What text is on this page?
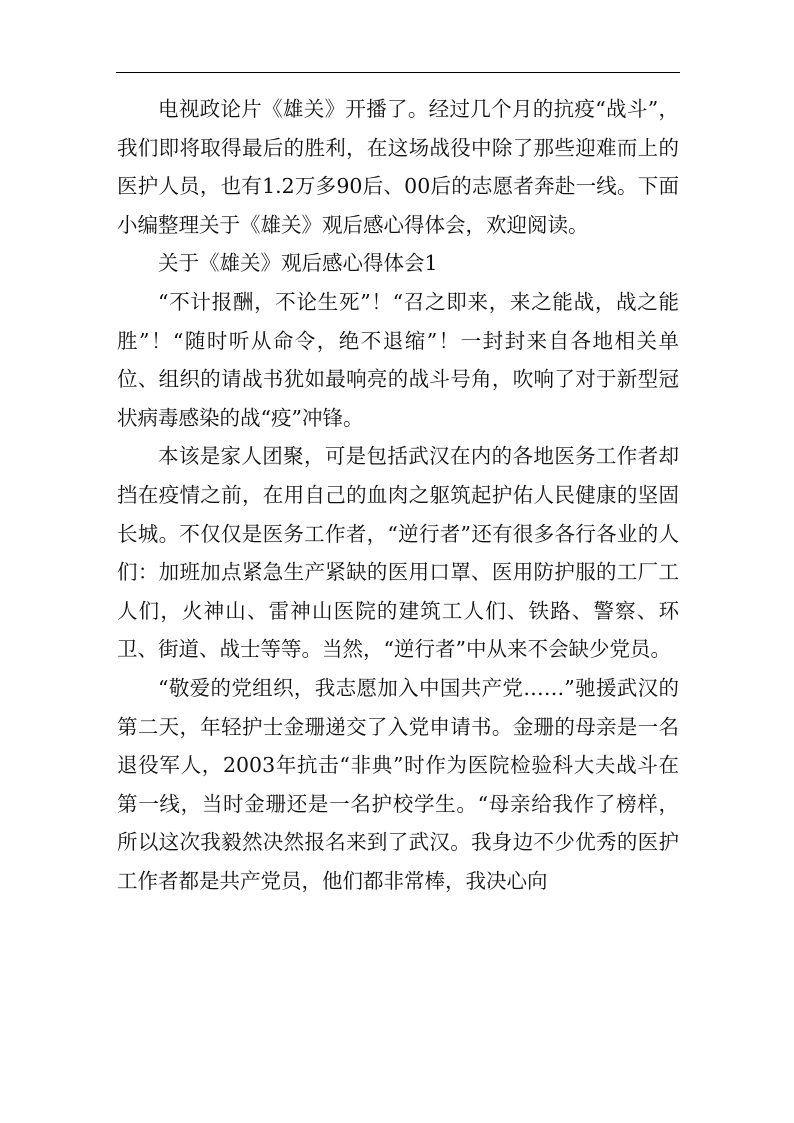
电视政论片《雄关》开播了。经过几个月的抗疫“战斗”，我们即将取得最后的胜利，在这场战役中除了那些迎难而上的医护人员，也有1.2万多90后、00后的志愿者奔赴一线。下面小编整理关于《雄关》观后感心得体会，欢迎阅读。

关于《雄关》观后感心得体会1

“不计报酬，不论生死”！“召之即来，来之能战，战之能胜”！“随时听从命令，绝不退缩”！一封封来自各地相关单位、组织的请战书犹如最响亮的战斗号角，吹响了对于新型冠状病毒感染的战“疫”冲锋。

本该是家人团聚，可是包括武汉在内的各地医务工作者却挡在疫情之前，在用自己的血肉之躯筑起护佑人民健康的坚固长城。不仅仅是医务工作者，“逆行者”还有很多各行各业的人们：加班加点紧急生产紧缺的医用口罩、医用防护服的工厂工人们，火神山、雷神山医院的建筑工人们、铁路、警察、环卫、街道、战士等等。当然，“逆行者”中从来不会缺少党员。

“敬爱的党组织，我志愿加入中国共产党……”驰援武汉的第二天，年轻护士金珊递交了入党申请书。金珊的母亲是一名退役军人，2003年抗击“非典”时作为医院检验科大夫战斗在第一线，当时金珊还是一名护校学生。“母亲给我作了榜样，所以这次我毅然决然报名来到了武汉。我身边不少优秀的医护工作者都是共产党员，他们都非常棒，我决心向
